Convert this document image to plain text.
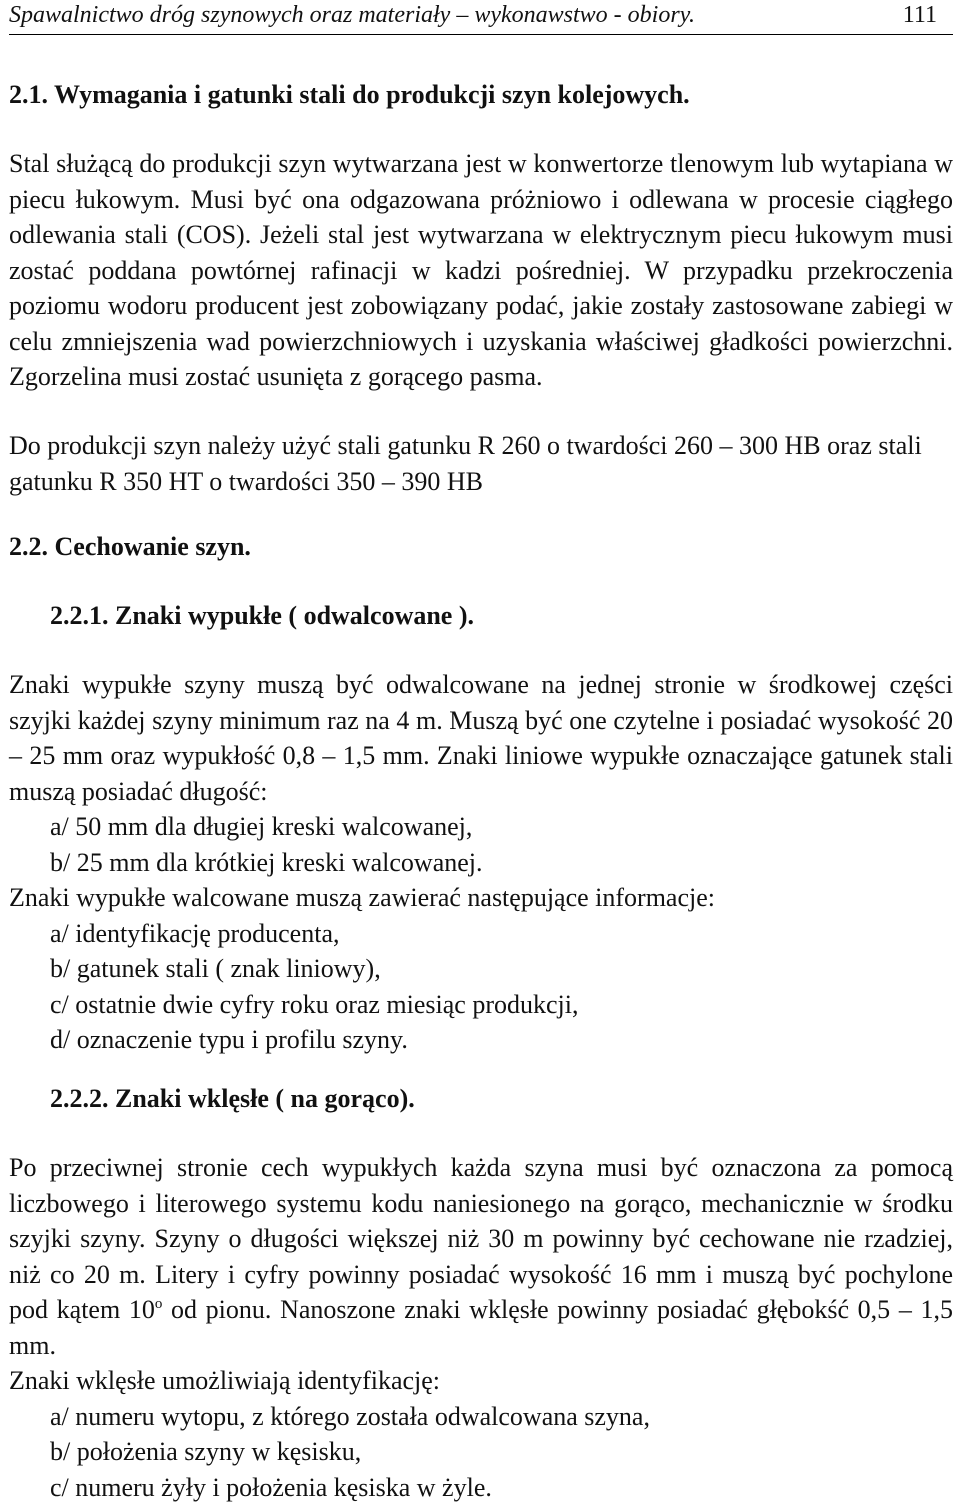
Spawalnictwo dróg szynowych oraz materiały – wykonawstwo - obiory.	111
2.1. Wymagania i gatunki stali do produkcji szyn kolejowych.

Stal służącą do produkcji szyn wytwarzana jest w konwertorze tlenowym lub wytapiana w piecu łukowym. Musi być ona odgazowana próżniowo i odlewana w procesie ciągłego odlewania stali (COS). Jeżeli stal jest wytwarzana w elektrycznym piecu łukowym musi zostać poddana powtórnej rafinacji w kadzi pośredniej. W przypadku przekroczenia poziomu wodoru producent jest zobowiązany podać, jakie zostały zastosowane zabiegi w celu zmniejszenia wad powierzchniowych i uzyskania właściwej gładkości powierzchni. Zgorzelina musi zostać usunięta z gorącego pasma.

Do produkcji szyn należy użyć stali gatunku R 260 o twardości 260 – 300 HB oraz stali gatunku R 350 HT o twardości 350 – 390 HB

2.2. Cechowanie szyn.
2.2.1. Znaki wypukłe ( odwalcowane ).

Znaki wypukłe szyny muszą być odwalcowane na jednej stronie w środkowej części szyjki każdej szyny minimum raz na 4 m. Muszą być one czytelne i posiadać wysokość 20 – 25 mm oraz wypukłość 0,8 – 1,5 mm. Znaki liniowe wypukłe oznaczające gatunek stali muszą posiadać długość:

a/ 50 mm dla długiej kreski walcowanej,
b/ 25 mm dla krótkiej kreski walcowanej.

Znaki wypukłe walcowane muszą zawierać następujące informacje:

a/ identyfikację producenta,
b/ gatunek stali ( znak liniowy),
c/ ostatnie dwie cyfry roku oraz miesiąc produkcji,
d/ oznaczenie typu i profilu szyny.
2.2.2. Znaki wklęsłe ( na gorąco).

Po przeciwnej stronie cech wypukłych każda szyna musi być oznaczona za pomocą liczbowego i literowego systemu kodu naniesionego na gorąco, mechanicznie w środku szyjki szyny. Szyny o długości większej niż 30 m powinny być cechowane nie rzadziej, niż co 20 m. Litery i cyfry powinny posiadać wysokość 16 mm i muszą być pochylone pod kątem 10$^o$ od pionu. Nanoszone znaki wklęsłe powinny posiadać głębokść 0,5 – 1,5 mm.

Znaki wklęsłe umożliwiają identyfikację:

a/ numeru wytopu, z którego została odwalcowana szyna,
b/ położenia szyny w kęsisku,
c/ numeru żyły i położenia kęsiska w żyle.
